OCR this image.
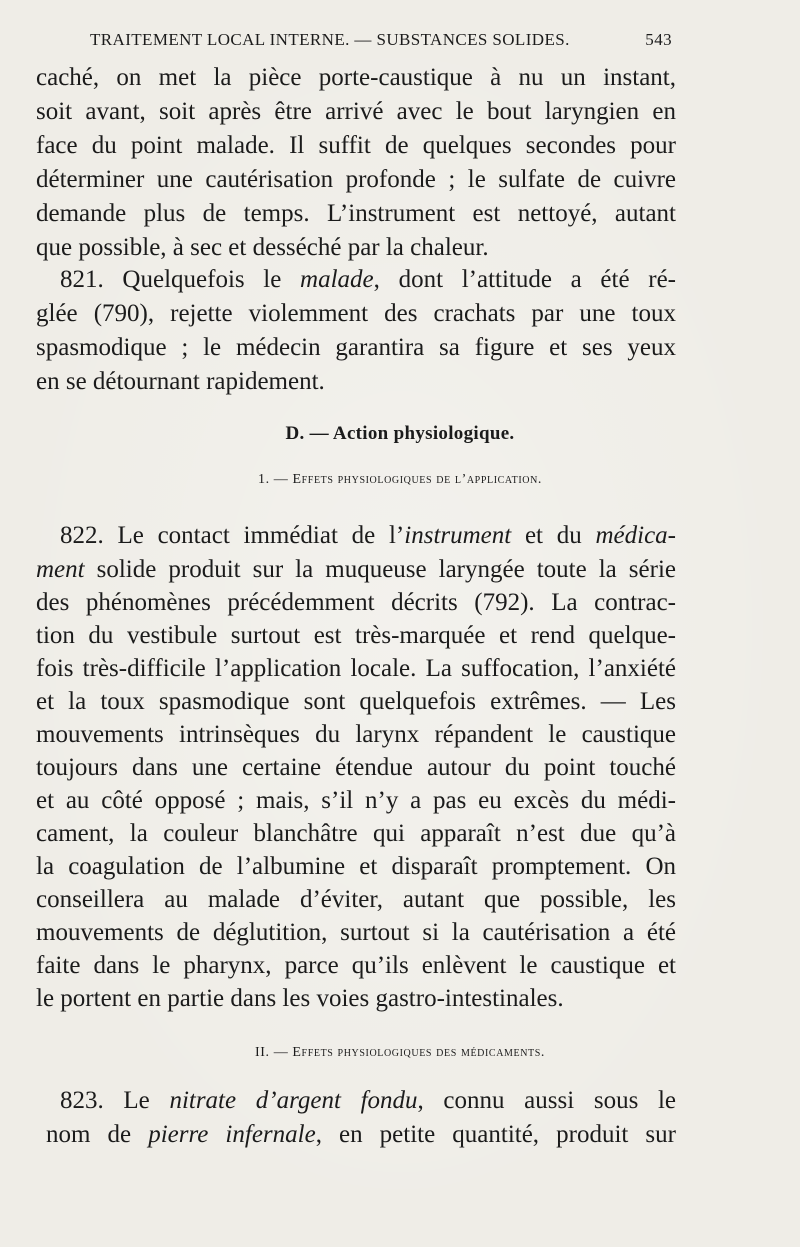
TRAITEMENT LOCAL INTERNE. — SUBSTANCES SOLIDES.	543
caché, on met la pièce porte-caustique à nu un instant,
soit avant, soit après être arrivé avec le bout laryngien en
face du point malade. Il suffit de quelques secondes pour
déterminer une cautérisation profonde ; le sulfate de cuivre
demande plus de temps. L’instrument est nettoyé, autant
que possible, à sec et desséché par la chaleur.
821. Quelquefois le malade, dont l’attitude a été ré-
glée (790), rejette violemment des crachats par une toux
spasmodique ; le médecin garantira sa figure et ses yeux
en se détournant rapidement.
D. — Action physiologique.
1. — Effets physiologiques de l’application.
822. Le contact immédiat de l’instrument et du médica-
ment solide produit sur la muqueuse laryngée toute la série
des phénomènes précédemment décrits (792). La contrac-
tion du vestibule surtout est très-marquée et rend quelque-
fois très-difficile l’application locale. La suffocation, l’anxiété
et la toux spasmodique sont quelquefois extrêmes. — Les
mouvements intrinsèques du larynx répandent le caustique
toujours dans une certaine étendue autour du point touché
et au côté opposé ; mais, s’il n’y a pas eu excès du médi-
cament, la couleur blanchâtre qui apparaît n’est due qu’à
la coagulation de l’albumine et disparaît promptement. On
conseillera au malade d’éviter, autant que possible, les
mouvements de déglutition, surtout si la cautérisation a été
faite dans le pharynx, parce qu’ils enlèvent le caustique et
le portent en partie dans les voies gastro-intestinales.
II. — Effets physiologiques des médicaments.
823. Le nitrate d’argent fondu, connu aussi sous le
nom de pierre infernale, en petite quantité, produit sur
